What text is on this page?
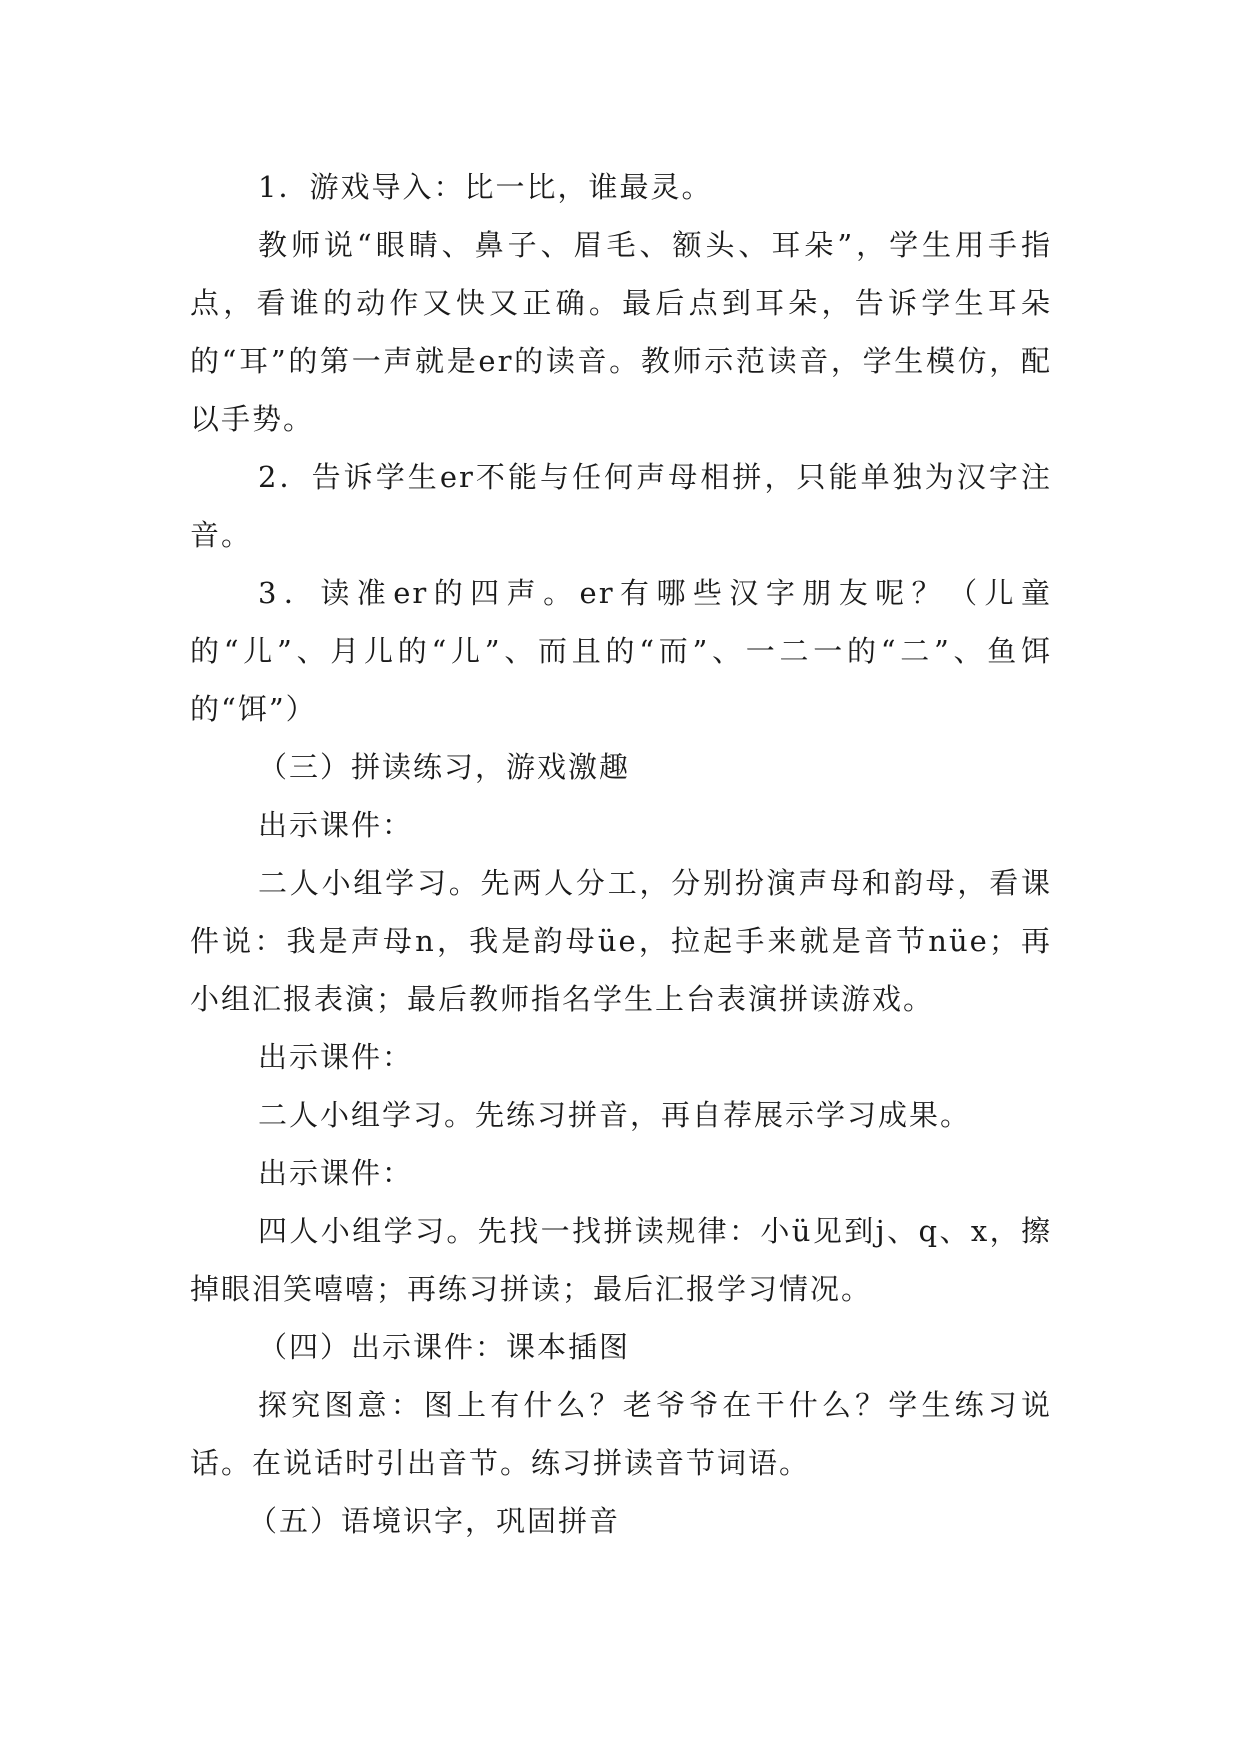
1．游戏导入：比一比，谁最灵。

教师说“眼睛、鼻子、眉毛、额头、耳朵”，学生用手指点，看谁的动作又快又正确。最后点到耳朵，告诉学生耳朵的“耳”的第一声就是er的读音。教师示范读音，学生模仿，配以手势。

2．告诉学生er不能与任何声母相拼，只能单独为汉字注音。

3．读准er的四声。er有哪些汉字朋友呢？（儿童的“儿”、月儿的“儿”、而且的“而”、一二一的“二”、鱼饵的“饵”）

（三）拼读练习，游戏激趣

出示课件：

二人小组学习。先两人分工，分别扮演声母和韵母，看课件说：我是声母n，我是韵母üe，拉起手来就是音节nüe；再小组汇报表演；最后教师指名学生上台表演拼读游戏。

出示课件：

二人小组学习。先练习拼音，再自荐展示学习成果。

出示课件：

四人小组学习。先找一找拼读规律：小ü见到j、q、x，擦掉眼泪笑嘻嘻；再练习拼读；最后汇报学习情况。

（四）出示课件：课本插图

探究图意：图上有什么？老爷爷在干什么？学生练习说话。在说话时引出音节。练习拼读音节词语。

（五）语境识字，巩固拼音
